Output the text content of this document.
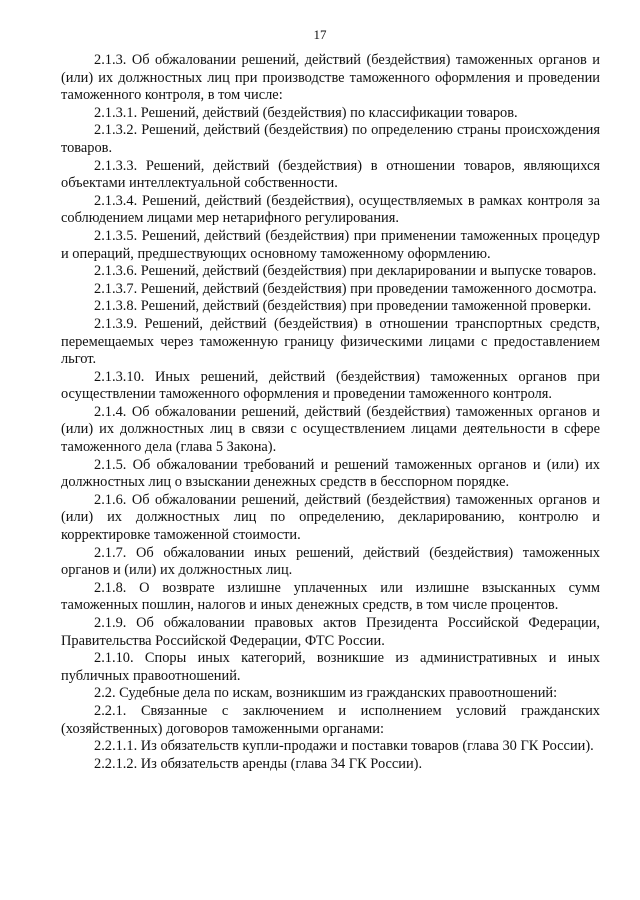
17

2.1.3. Об обжаловании решений, действий (бездействия) таможенных органов и (или) их должностных лиц при производстве таможенного оформления и проведении таможенного контроля, в том числе:

2.1.3.1. Решений, действий (бездействия) по классификации товаров.

2.1.3.2. Решений, действий (бездействия) по определению страны происхождения товаров.

2.1.3.3. Решений, действий (бездействия) в отношении товаров, являющихся объектами интеллектуальной собственности.

2.1.3.4. Решений, действий (бездействия), осуществляемых в рамках контроля за соблюдением лицами мер нетарифного регулирования.

2.1.3.5. Решений, действий (бездействия) при применении таможенных процедур и операций, предшествующих основному таможенному оформлению.

2.1.3.6. Решений, действий (бездействия) при декларировании и выпуске товаров.

2.1.3.7. Решений, действий (бездействия) при проведении таможенного досмотра.

2.1.3.8. Решений, действий (бездействия) при проведении таможенной проверки.

2.1.3.9. Решений, действий (бездействия) в отношении транспортных средств, перемещаемых через таможенную границу физическими лицами с предоставлением льгот.

2.1.3.10. Иных решений, действий (бездействия) таможенных органов при осуществлении таможенного оформления и проведении таможенного контроля.

2.1.4. Об обжаловании решений, действий (бездействия) таможенных органов и (или) их должностных лиц в связи с осуществлением лицами деятельности в сфере таможенного дела (глава 5 Закона).

2.1.5. Об обжаловании требований и решений таможенных органов и (или) их должностных лиц о взыскании денежных средств в бесспорном порядке.

2.1.6. Об обжаловании решений, действий (бездействия) таможенных органов и (или) их должностных лиц по определению, декларированию, контролю и корректировке таможенной стоимости.

2.1.7. Об обжаловании иных решений, действий (бездействия) таможенных органов и (или) их должностных лиц.

2.1.8. О возврате излишне уплаченных или излишне взысканных сумм таможенных пошлин, налогов и иных денежных средств, в том числе процентов.

2.1.9. Об обжаловании правовых актов Президента Российской Федерации, Правительства Российской Федерации, ФТС России.

2.1.10. Споры иных категорий, возникшие из административных и иных публичных правоотношений.

2.2. Судебные дела по искам, возникшим из гражданских правоотношений:

2.2.1. Связанные с заключением и исполнением условий гражданских (хозяйственных) договоров таможенными органами:

2.2.1.1. Из обязательств купли-продажи и поставки товаров (глава 30 ГК России).

2.2.1.2. Из обязательств аренды (глава 34 ГК России).
